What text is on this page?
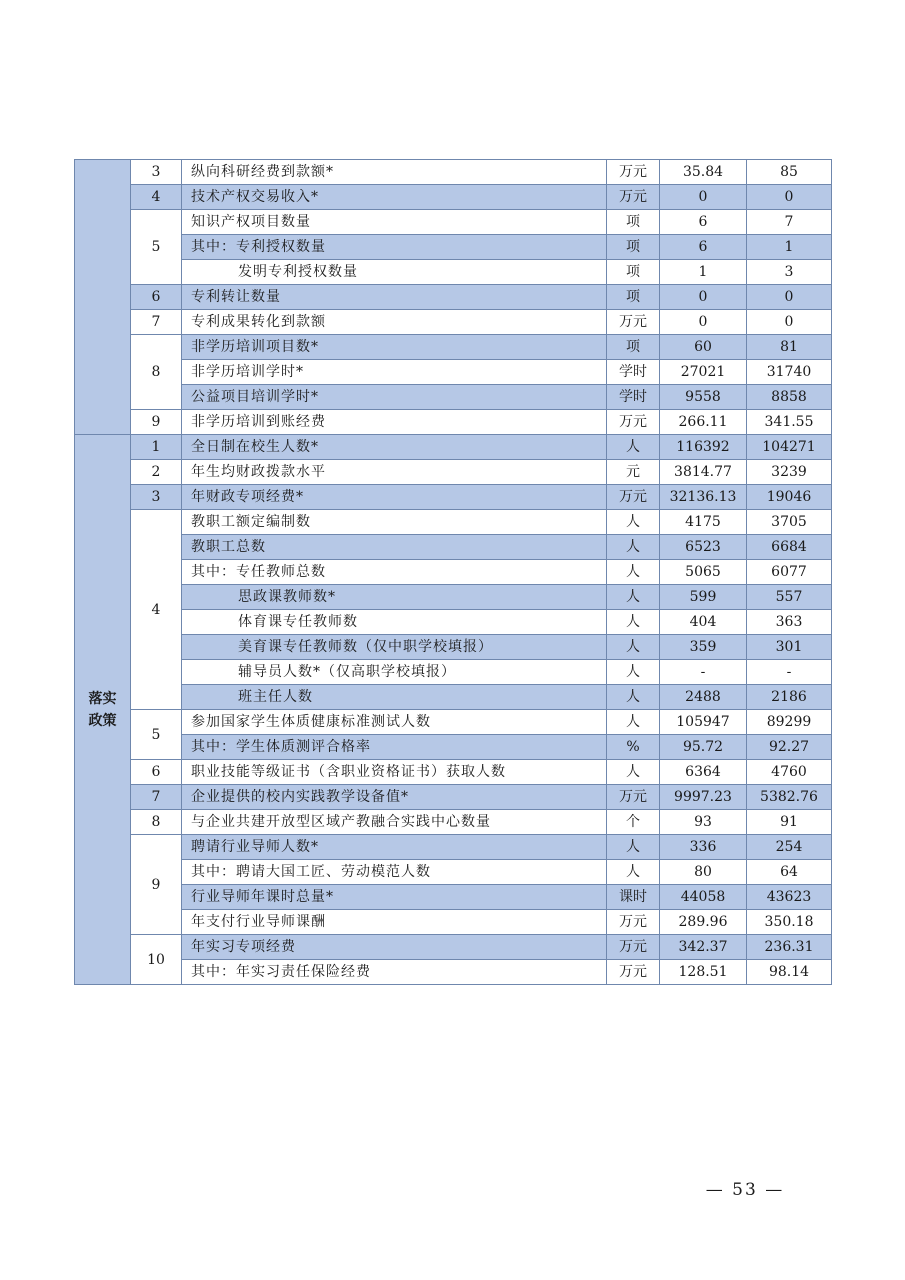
	3	纵向科研经费到款额*	万元	35.84	85
	4	技术产权交易收入*	万元	0	0
	5	知识产权项目数量	项	6	7
		其中：专利授权数量	项	6	1
		发明专利授权数量	项	1	3
	6	专利转让数量	项	0	0
	7	专利成果转化到款额	万元	0	0
	8	非学历培训项目数*	项	60	81
		非学历培训学时*	学时	27021	31740
		公益项目培训学时*	学时	9558	8858
	9	非学历培训到账经费	万元	266.11	341.55

落实
政策	1	全日制在校生人数*	人	116392	104271
	2	年生均财政拨款水平	元	3814.77	3239
	3	年财政专项经费*	万元	32136.13	19046
	4	教职工额定编制数	人	4175	3705
		教职工总数	人	6523	6684
		其中：专任教师总数	人	5065	6077
		思政课教师数*	人	599	557
		体育课专任教师数	人	404	363
		美育课专任教师数（仅中职学校填报）	人	359	301
		辅导员人数*（仅高职学校填报）	人	-	-
		班主任人数	人	2488	2186
	5	参加国家学生体质健康标准测试人数	人	105947	89299
		其中：学生体质测评合格率	%	95.72	92.27
	6	职业技能等级证书（含职业资格证书）获取人数	人	6364	4760
	7	企业提供的校内实践教学设备值*	万元	9997.23	5382.76
	8	与企业共建开放型区域产教融合实践中心数量	个	93	91
	9	聘请行业导师人数*	人	336	254
		其中：聘请大国工匠、劳动模范人数	人	80	64
		行业导师年课时总量*	课时	44058	43623
		年支付行业导师课酬	万元	289.96	350.18
	10	年实习专项经费	万元	342.37	236.31
		其中：年实习责任保险经费	万元	128.51	98.14
— 53 —
